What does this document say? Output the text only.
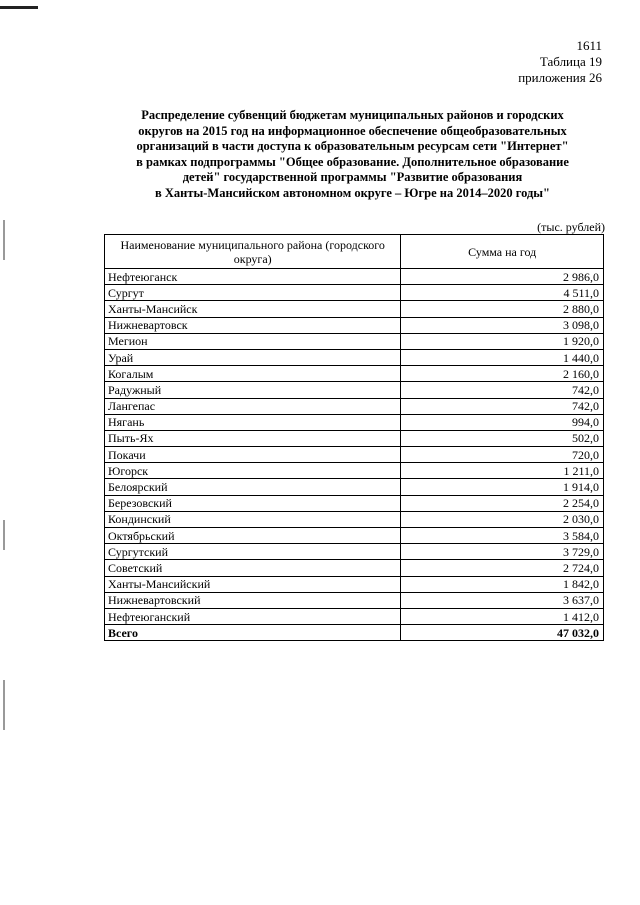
1611
Таблица 19
приложения 26
Распределение субвенций бюджетам муниципальных районов и городских
округов на 2015 год на информационное обеспечение общеобразовательных
организаций в части доступа к образовательным ресурсам сети "Интернет"
в рамках подпрограммы "Общее образование. Дополнительное образование
детей" государственной программы "Развитие образования
в Ханты-Мансийском автономном округе – Югре на 2014–2020 годы"
(тыс. рублей)
Наименование муниципального района (городского округа)	Сумма на год
Нефтеюганск	2 986,0
Сургут	4 511,0
Ханты-Мансийск	2 880,0
Нижневартовск	3 098,0
Мегион	1 920,0
Урай	1 440,0
Когалым	2 160,0
Радужный	742,0
Лангепас	742,0
Нягань	994,0
Пыть-Ях	502,0
Покачи	720,0
Югорск	1 211,0
Белоярский	1 914,0
Березовский	2 254,0
Кондинский	2 030,0
Октябрьский	3 584,0
Сургутский	3 729,0
Советский	2 724,0
Ханты-Мансийский	1 842,0
Нижневартовский	3 637,0
Нефтеюганский	1 412,0
Всего	47 032,0
